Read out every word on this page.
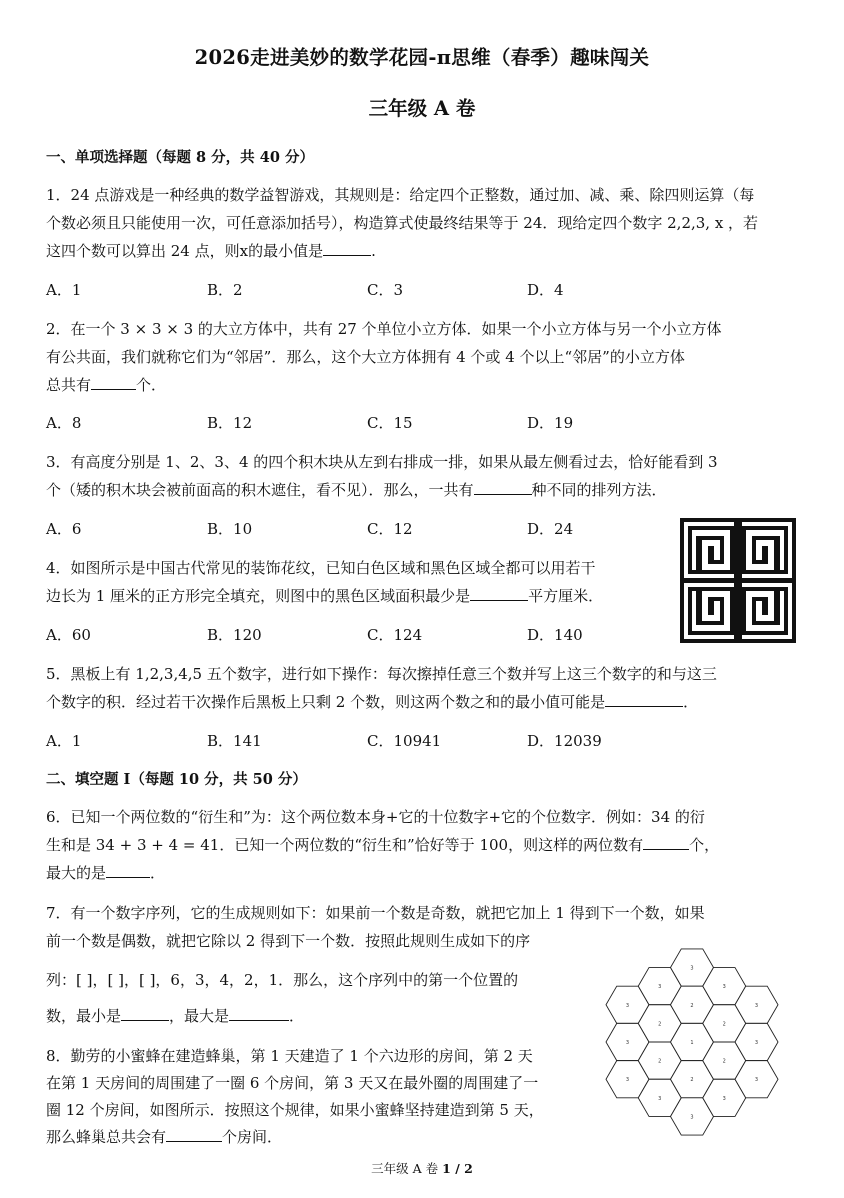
2026走进美妙的数学花园-π思维（春季）趣味闯关
三年级 A 卷
一、单项选择题（每题 8 分，共 40 分）
1．24 点游戏是一种经典的数学益智游戏，其规则是：给定四个正整数，通过加、减、乘、除四则运算（每
个数必须且只能使用一次，可任意添加括号），构造算式使最终结果等于 24．现给定四个数字 2,2,3, x ，若
这四个数可以算出 24 点，则x的最小值是	.
A．1	B．2	C．3	D．4
2．在一个 3 × 3 × 3 的大立方体中，共有 27 个单位小立方体．如果一个小立方体与另一个小立方体
有公共面，我们就称它们为“邻居”．那么，这个大立方体拥有 4 个或 4 个以上“邻居”的小立方体
总共有	个．
A．8	B．12	C．15	D．19
3．有高度分别是 1、2、3、4 的四个积木块从左到右排成一排，如果从最左侧看过去，恰好能看到 3
个（矮的积木块会被前面高的积木遮住，看不见）．那么，一共有	种不同的排列方法．
A．6	B．10	C．12	D．24
4．如图所示是中国古代常见的装饰花纹，已知白色区域和黑色区域全都可以用若干
边长为 1 厘米的正方形完全填充，则图中的黑色区域面积最少是	平方厘米．
A．60	B．120	C．124	D．140
5．黑板上有 1,2,3,4,5 五个数字，进行如下操作：每次擦掉任意三个数并写上这三个数字的和与这三
个数字的积．经过若干次操作后黑板上只剩 2 个数，则这两个数之和的最小值可能是	．
A．1	B．141	C．10941	D．12039
二、填空题 I（每题 10 分，共 50 分）
6．已知一个两位数的“衍生和”为：这个两位数本身+它的十位数字+它的个位数字．例如：34 的衍
生和是 34 + 3 + 4 = 41．已知一个两位数的“衍生和”恰好等于 100，则这样的两位数有	个，
最大的是	．
7．有一个数字序列，它的生成规则如下：如果前一个数是奇数，就把它加上 1 得到下一个数，如果
前一个数是偶数，就把它除以 2 得到下一个数．按照此规则生成如下的序
列：[ ]，[ ]，[ ]，6，3，4，2，1．那么，这个序列中的第一个位置的
数，最小是	，最大是	．
8．勤劳的小蜜蜂在建造蜂巢，第 1 天建造了 1 个六边形的房间，第 2 天
在第 1 天房间的周围建了一圈 6 个房间，第 3 天又在最外圈的周围建了一
圈 12 个房间，如图所示．按照这个规律，如果小蜜蜂坚持建造到第 5 天，
那么蜂巢总共会有	个房间．
3
3
3
3
2
2
3
3
2
1
2
3
3
2
2
3
3
3
3
三年级 A 卷 1 / 2
